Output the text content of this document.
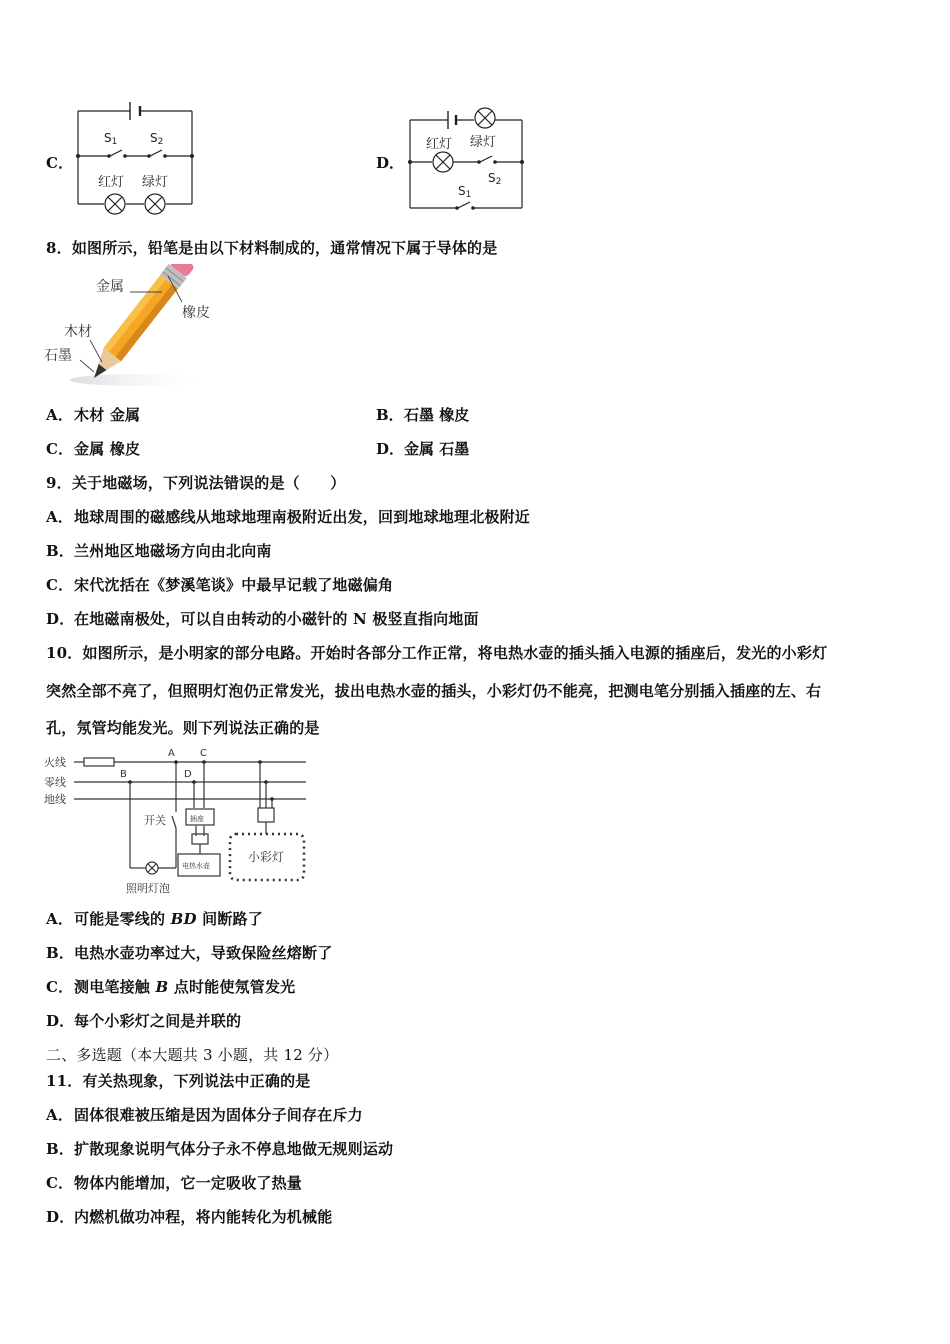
C．
S1	S2
红灯 绿灯
D．
红灯 绿灯
S2
S1
8．如图所示，铅笔是由以下材料制成的，通常情况下属于导体的是
金属
橡皮
木材
石墨
A．木材 金属	B．石墨 橡皮
C．金属 橡皮	D．金属 石墨
9．关于地磁场，下列说法错误的是（　　）
A．地球周围的磁感线从地球地理南极附近出发，回到地球地理北极附近
B．兰州地区地磁场方向由北向南
C．宋代沈括在《梦溪笔谈》中最早记载了地磁偏角
D．在地磁南极处，可以自由转动的小磁针的 N 极竖直指向地面
10．如图所示，是小明家的部分电路。开始时各部分工作正常，将电热水壶的插头插入电源的插座后，发光的小彩灯
突然全部不亮了，但照明灯泡仍正常发光，拔出电热水壶的插头，小彩灯仍不能亮，把测电笔分别插入插座的左、右
孔，氖管均能发光。则下列说法正确的是
火线
零线
地线
A
B
C
D
开关	插座
电热水壶
小彩灯
照明灯泡
A．可能是零线的 BD 间断路了
B．电热水壶功率过大，导致保险丝熔断了
C．测电笔接触 B 点时能使氖管发光
D．每个小彩灯之间是并联的
二、多选题（本大题共 3 小题，共 12 分）
11．有关热现象，下列说法中正确的是
A．固体很难被压缩是因为固体分子间存在斥力
B．扩散现象说明气体分子永不停息地做无规则运动
C．物体内能增加，它一定吸收了热量
D．内燃机做功冲程，将内能转化为机械能
